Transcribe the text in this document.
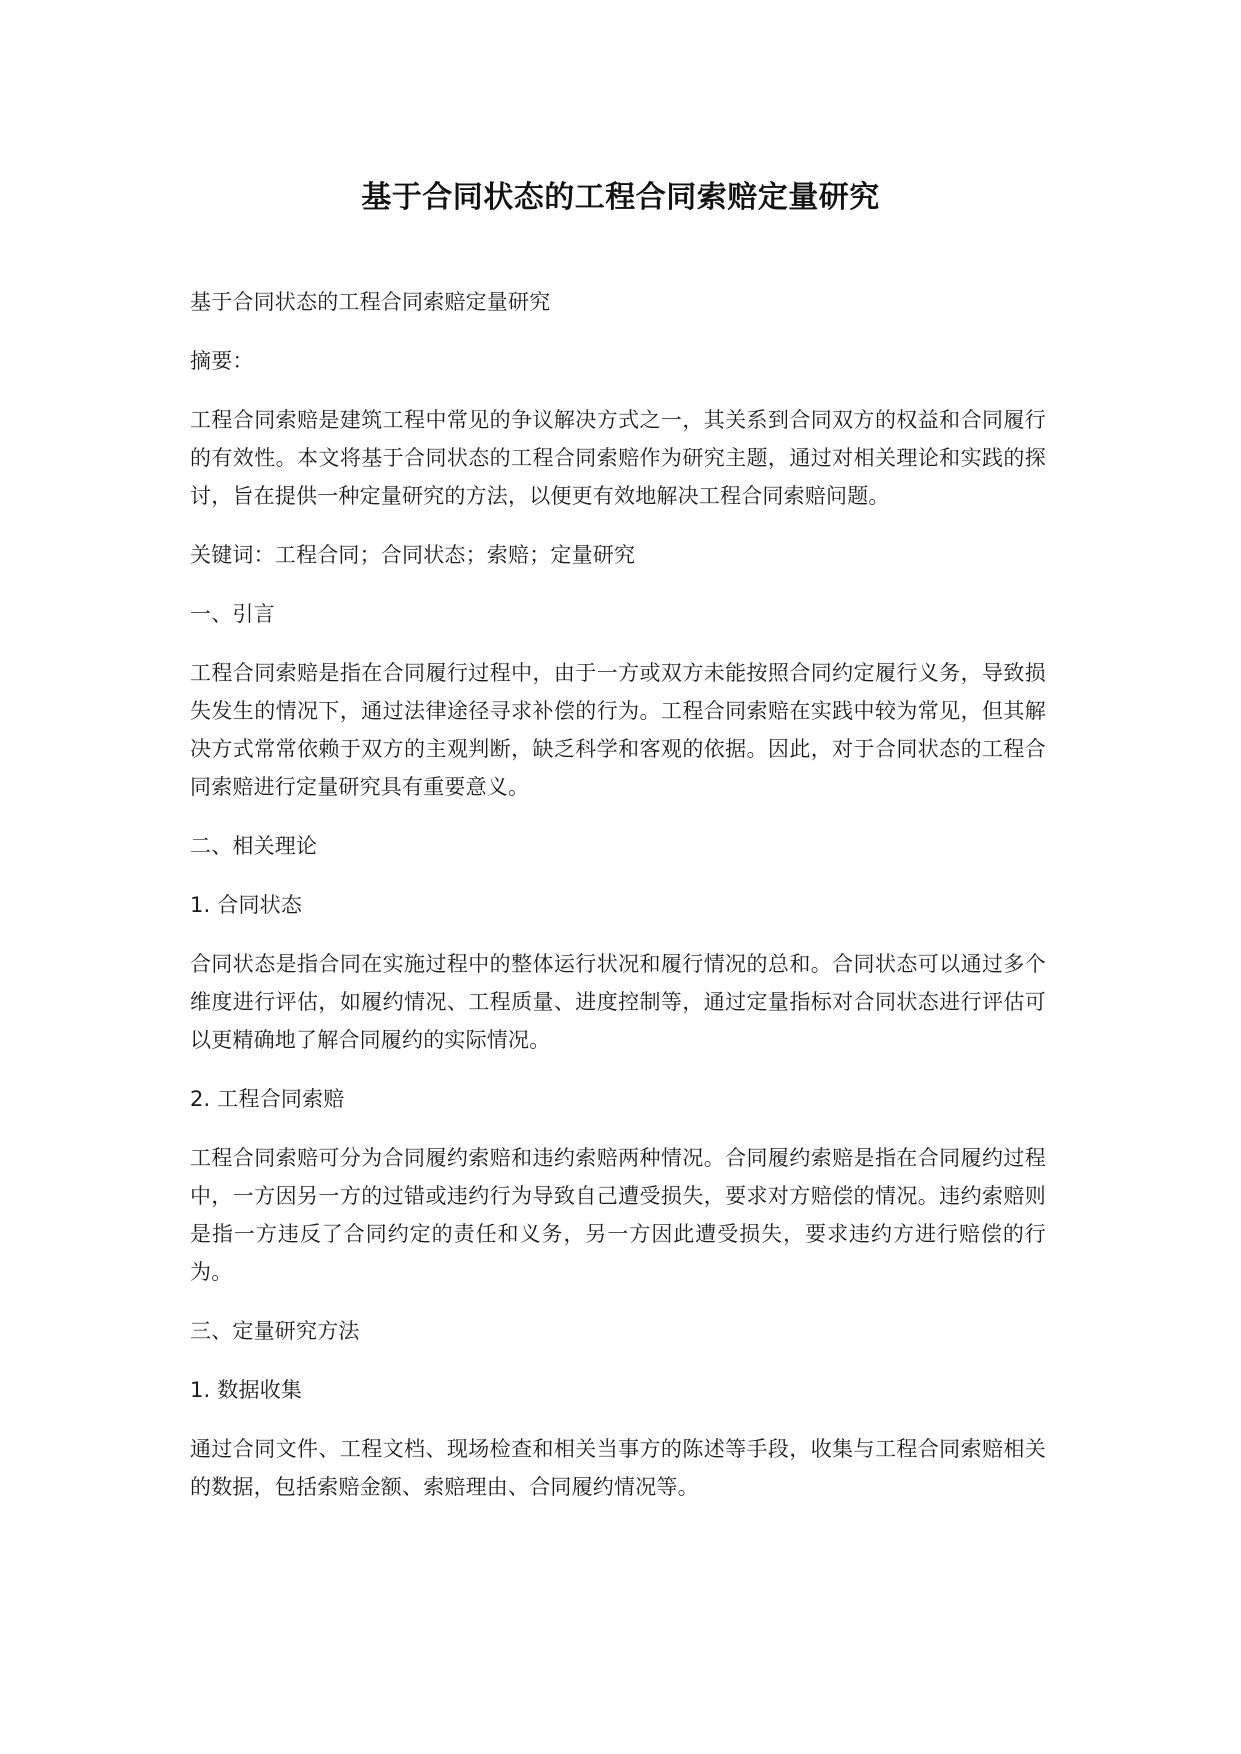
基于合同状态的工程合同索赔定量研究

基于合同状态的工程合同索赔定量研究

摘要：

工程合同索赔是建筑工程中常见的争议解决方式之一，其关系到合同双方的权益和合同履行的有效性。本文将基于合同状态的工程合同索赔作为研究主题，通过对相关理论和实践的探讨，旨在提供一种定量研究的方法，以便更有效地解决工程合同索赔问题。

关键词：工程合同；合同状态；索赔；定量研究

一、引言

工程合同索赔是指在合同履行过程中，由于一方或双方未能按照合同约定履行义务，导致损失发生的情况下，通过法律途径寻求补偿的行为。工程合同索赔在实践中较为常见，但其解决方式常常依赖于双方的主观判断，缺乏科学和客观的依据。因此，对于合同状态的工程合同索赔进行定量研究具有重要意义。

二、相关理论

1. 合同状态

合同状态是指合同在实施过程中的整体运行状况和履行情况的总和。合同状态可以通过多个维度进行评估，如履约情况、工程质量、进度控制等，通过定量指标对合同状态进行评估可以更精确地了解合同履约的实际情况。

2. 工程合同索赔

工程合同索赔可分为合同履约索赔和违约索赔两种情况。合同履约索赔是指在合同履约过程中，一方因另一方的过错或违约行为导致自己遭受损失，要求对方赔偿的情况。违约索赔则是指一方违反了合同约定的责任和义务，另一方因此遭受损失，要求违约方进行赔偿的行为。

三、定量研究方法

1. 数据收集

通过合同文件、工程文档、现场检查和相关当事方的陈述等手段，收集与工程合同索赔相关的数据，包括索赔金额、索赔理由、合同履约情况等。
